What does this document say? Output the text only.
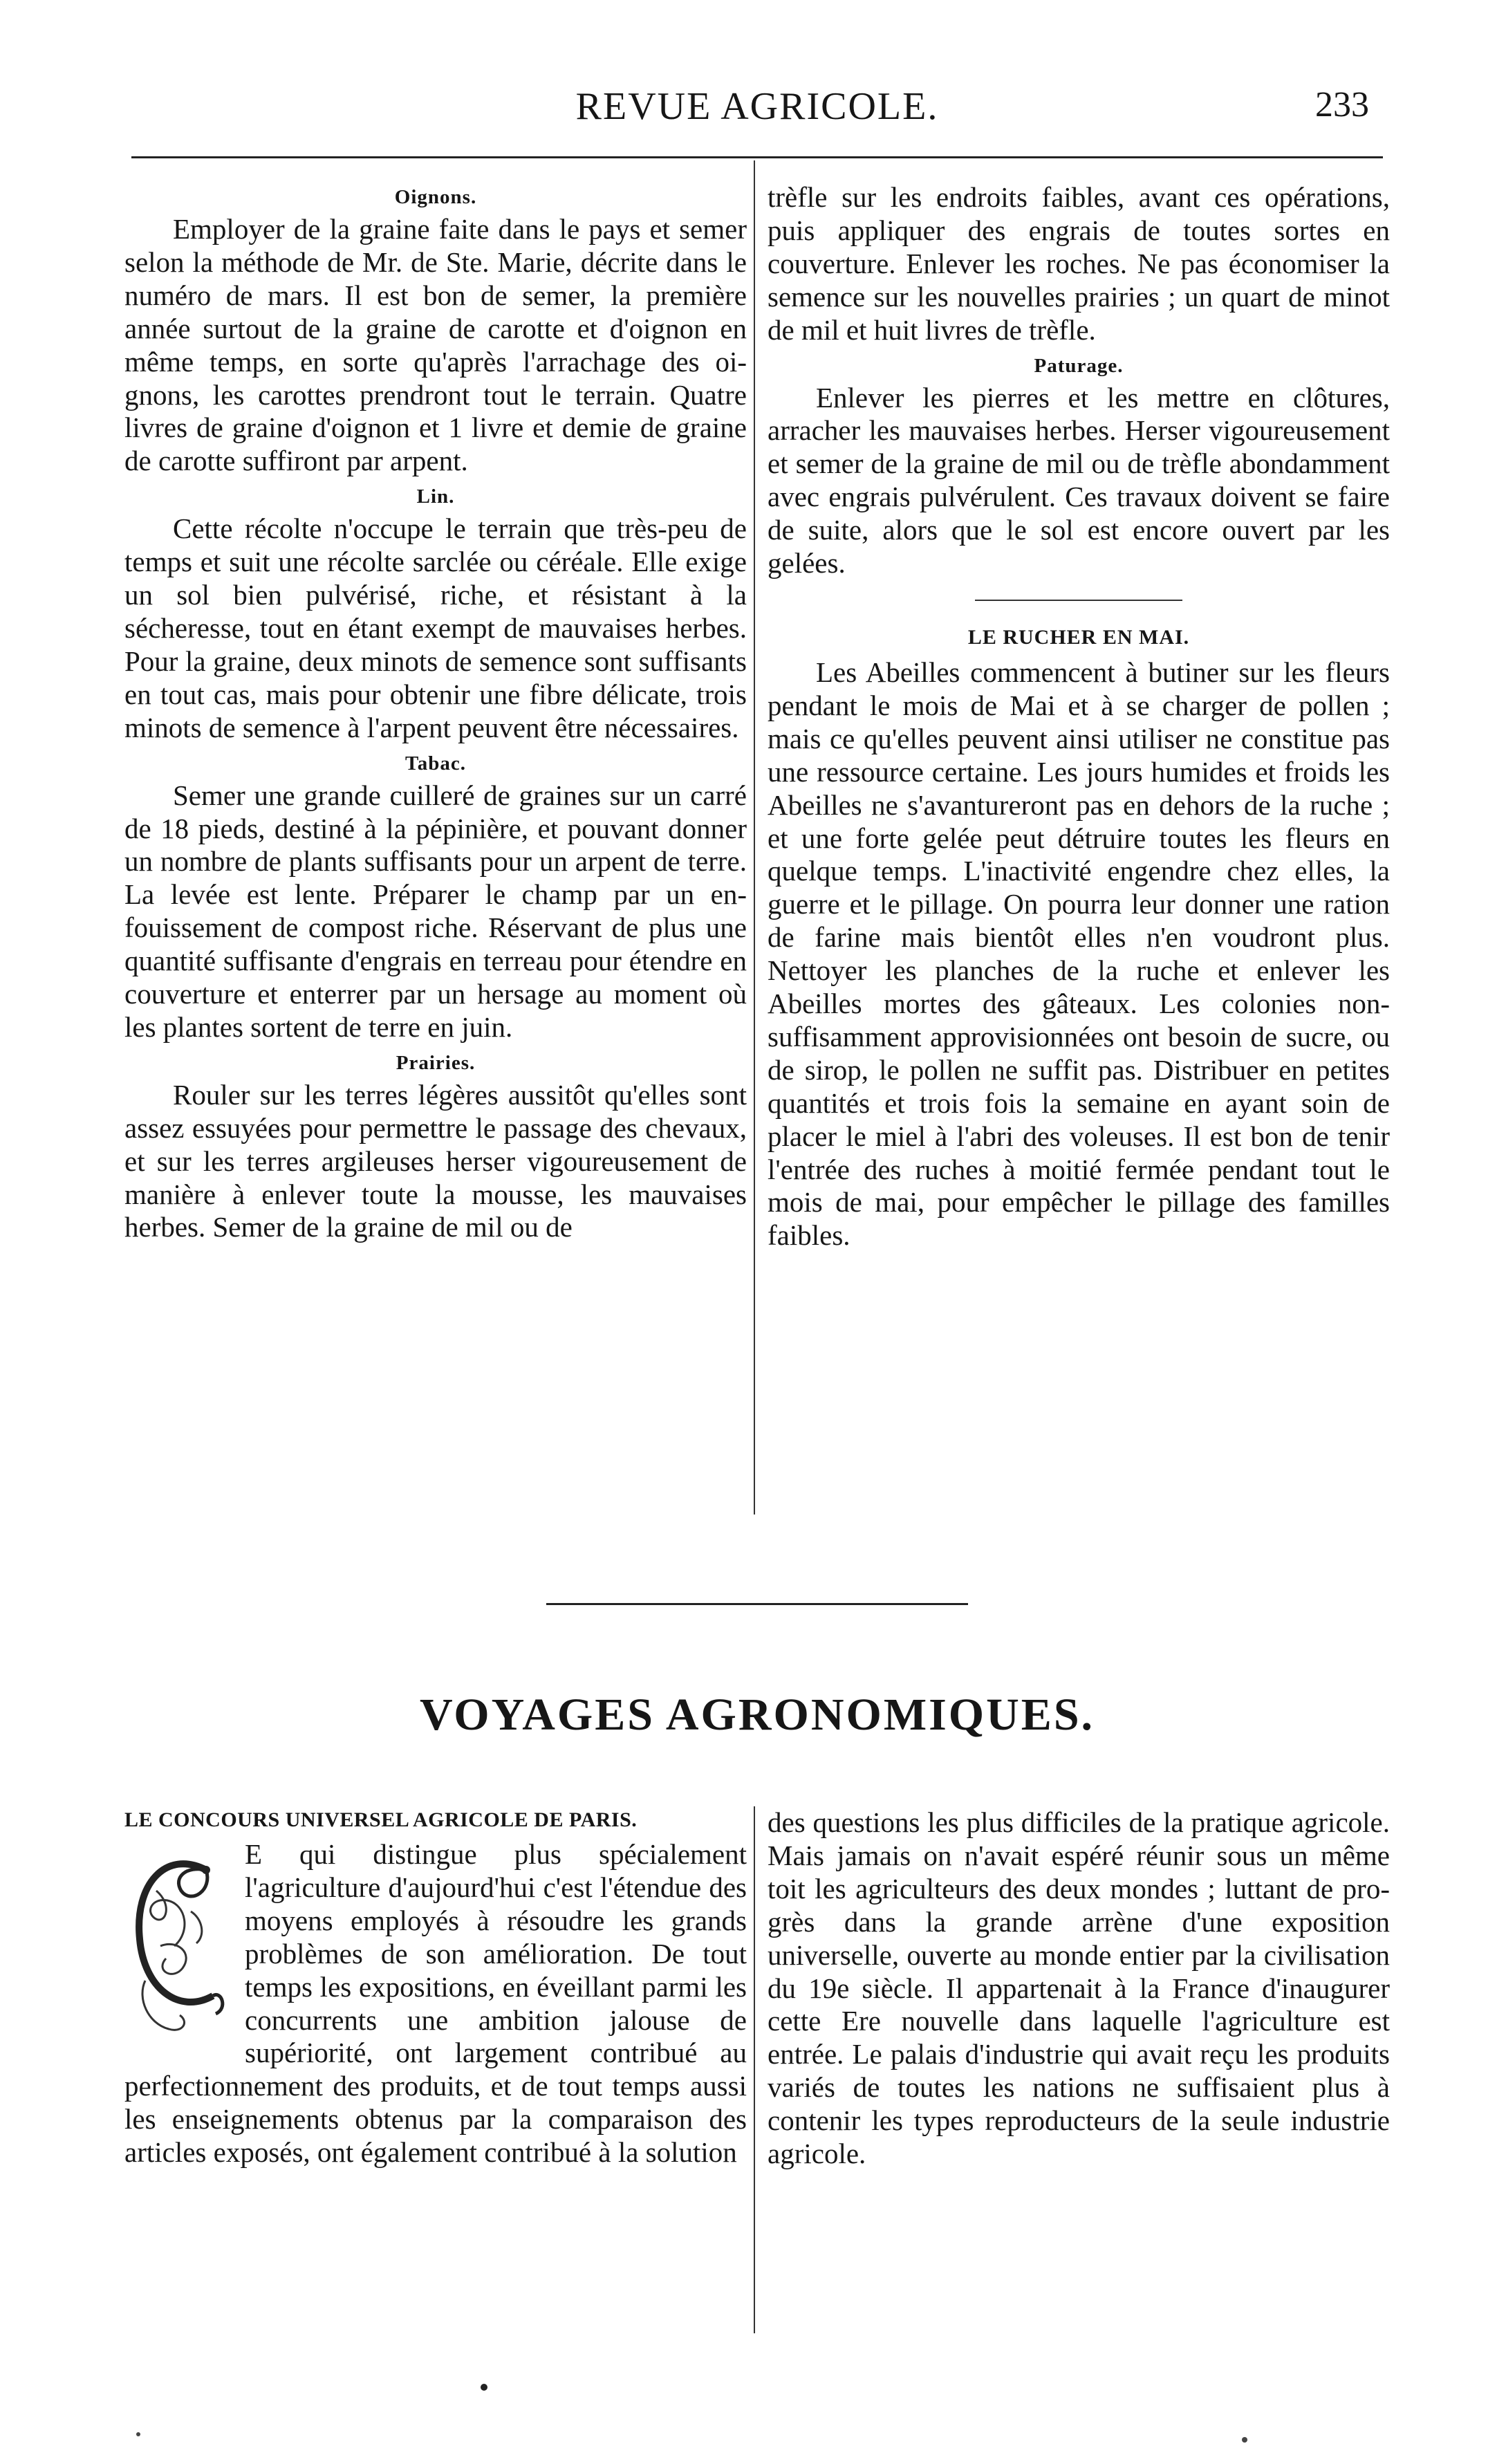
REVUE AGRICOLE.	233

Oignons.

Employer de la graine faite dans le pays et semer selon la méthode de Mr. de Ste. Marie, décrite dans le numéro de mars. Il est bon de semer, la première année surtout de la graine de carotte et d'oignon en même temps, en sorte qu'après l'arrachage des oignons, les carottes prendront tout le terrain. Quatre livres de graine d'oignon et 1 livre et demie de graine de carotte suffiront par arpent.

Lin.

Cette récolte n'occupe le terrain que très-peu de temps et suit une récolte sarclée ou céréale. Elle exige un sol bien pulvérisé, riche, et résistant à la sécheresse, tout en étant exempt de mauvaises herbes. Pour la graine, deux minots de semence sont suffisants en tout cas, mais pour obtenir une fibre délicate, trois minots de semence à l'arpent peuvent être nécessaires.

Tabac.

Semer une grande cuilleré de graines sur un carré de 18 pieds, destiné à la pépinière, et pouvant donner un nombre de plants suffisants pour un arpent de terre. La levée est lente. Préparer le champ par un enfouissement de compost riche. Réservant de plus une quantité suffisante d'engrais en terreau pour étendre en couverture et enterrer par un hersage au moment où les plantes sortent de terre en juin.

Prairies.

Rouler sur les terres légères aussitôt qu'elles sont assez essuyées pour permettre le passage des chevaux, et sur les terres argileuses herser vigoureusement de manière à enlever toute la mousse, les mauvaises herbes. Semer de la graine de mil ou de

trèfle sur les endroits faibles, avant ces opérations, puis appliquer des engrais de toutes sortes en couverture. Enlever les roches. Ne pas économiser la semence sur les nouvelles prairies ; un quart de minot de mil et huit livres de trèfle.

Paturage.

Enlever les pierres et les mettre en clôtures, arracher les mauvaises herbes. Herser vigoureusement et semer de la graine de mil ou de trèfle abondamment avec engrais pulvérulent. Ces travaux doivent se faire de suite, alors que le sol est encore ouvert par les gelées.

LE RUCHER EN MAI.

Les Abeilles commencent à butiner sur les fleurs pendant le mois de Mai et à se charger de pollen ; mais ce qu'elles peuvent ainsi utiliser ne constitue pas une ressource certaine. Les jours humides et froids les Abeilles ne s'avantureront pas en dehors de la ruche ; et une forte gelée peut détruire toutes les fleurs en quelque temps. L'inactivité engendre chez elles, la guerre et le pillage. On pourra leur donner une ration de farine mais bientôt elles n'en voudront plus. Nettoyer les planches de la ruche et enlever les Abeilles mortes des gâteaux. Les colonies non-suffisamment approvisionnées ont besoin de sucre, ou de sirop, le pollen ne suffit pas. Distribuer en petites quantités et trois fois la semaine en ayant soin de placer le miel à l'abri des voleuses. Il est bon de tenir l'entrée des ruches à moitié fermée pendant tout le mois de mai, pour empêcher le pillage des familles faibles.

VOYAGES AGRONOMIQUES.

LE CONCOURS UNIVERSEL AGRICOLE DE PARIS.

E qui distingue plus spécialement l'agriculture d'aujourd'hui c'est l'étendue des moyens employés à résoudre les grands problèmes de son amélioration. De tout temps les expositions, en éveillant parmi les concurrents une ambition jalouse de supériorité, ont largement contribué au perfectionnement des produits, et de tout temps aussi les enseignements obtenus par la comparaison des articles exposés, ont également contribué à la solution

des questions les plus difficiles de la pratique agricole. Mais jamais on n'avait espéré réunir sous un même toit les agriculteurs des deux mondes ; luttant de progrès dans la grande arrène d'une exposition universelle, ouverte au monde entier par la civilisation du 19e siècle. Il appartenait à la France d'inaugurer cette Ere nouvelle dans laquelle l'agriculture est entrée. Le palais d'industrie qui avait reçu les produits variés de toutes les nations ne suffisaient plus à contenir les types reproducteurs de la seule industrie agricole.
